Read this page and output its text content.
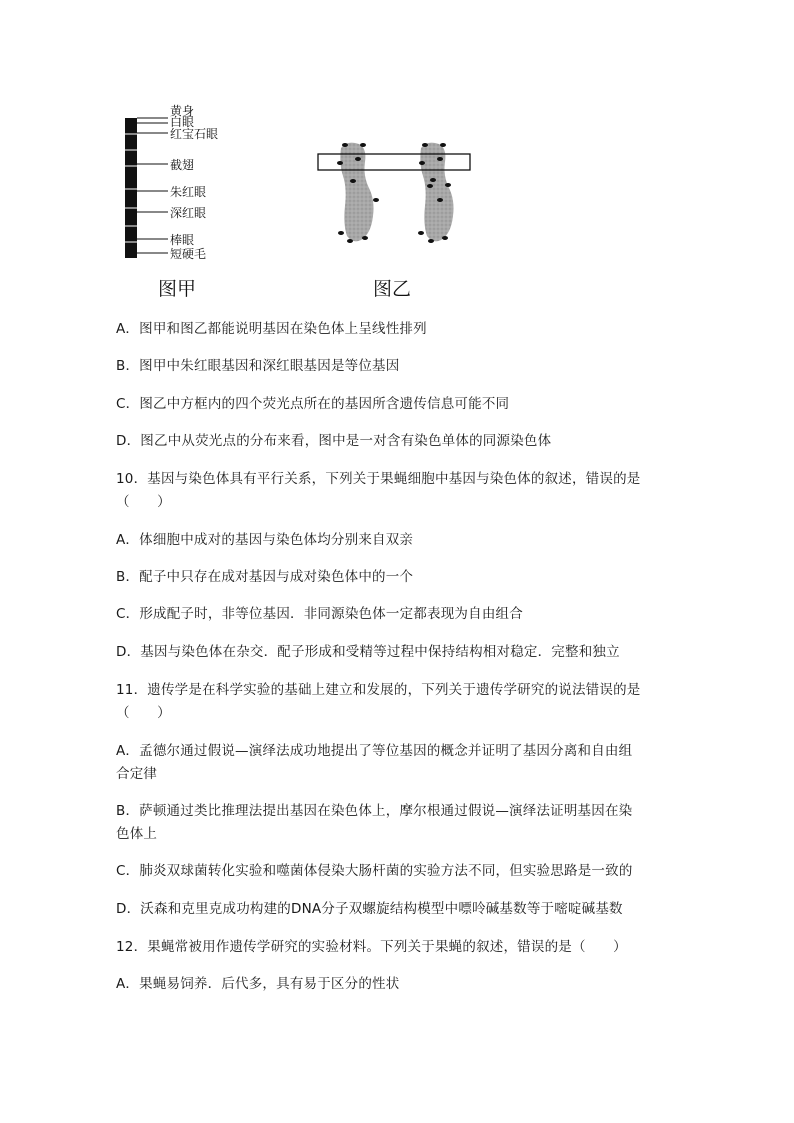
黄身
白眼
红宝石眼
截翅
朱红眼
深红眼
棒眼
短硬毛
图甲	图乙
A．图甲和图乙都能说明基因在染色体上呈线性排列
B．图甲中朱红眼基因和深红眼基因是等位基因
C．图乙中方框内的四个荧光点所在的基因所含遗传信息可能不同
D．图乙中从荧光点的分布来看，图中是一对含有染色单体的同源染色体
10．基因与染色体具有平行关系，下列关于果蝇细胞中基因与染色体的叙述，错误的是
（　　）
A．体细胞中成对的基因与染色体均分别来自双亲
B．配子中只存在成对基因与成对染色体中的一个
C．形成配子时，非等位基因．非同源染色体一定都表现为自由组合
D．基因与染色体在杂交．配子形成和受精等过程中保持结构相对稳定．完整和独立
11．遗传学是在科学实验的基础上建立和发展的，下列关于遗传学研究的说法错误的是
（　　）
A．孟德尔通过假说—演绎法成功地提出了等位基因的概念并证明了基因分离和自由组
合定律
B．萨顿通过类比推理法提出基因在染色体上，摩尔根通过假说—演绎法证明基因在染
色体上
C．肺炎双球菌转化实验和噬菌体侵染大肠杆菌的实验方法不同，但实验思路是一致的
D．沃森和克里克成功构建的DNA分子双螺旋结构模型中嘌呤碱基数等于嘧啶碱基数
12．果蝇常被用作遗传学研究的实验材料。下列关于果蝇的叙述，错误的是（　　）
A．果蝇易饲养．后代多，具有易于区分的性状
